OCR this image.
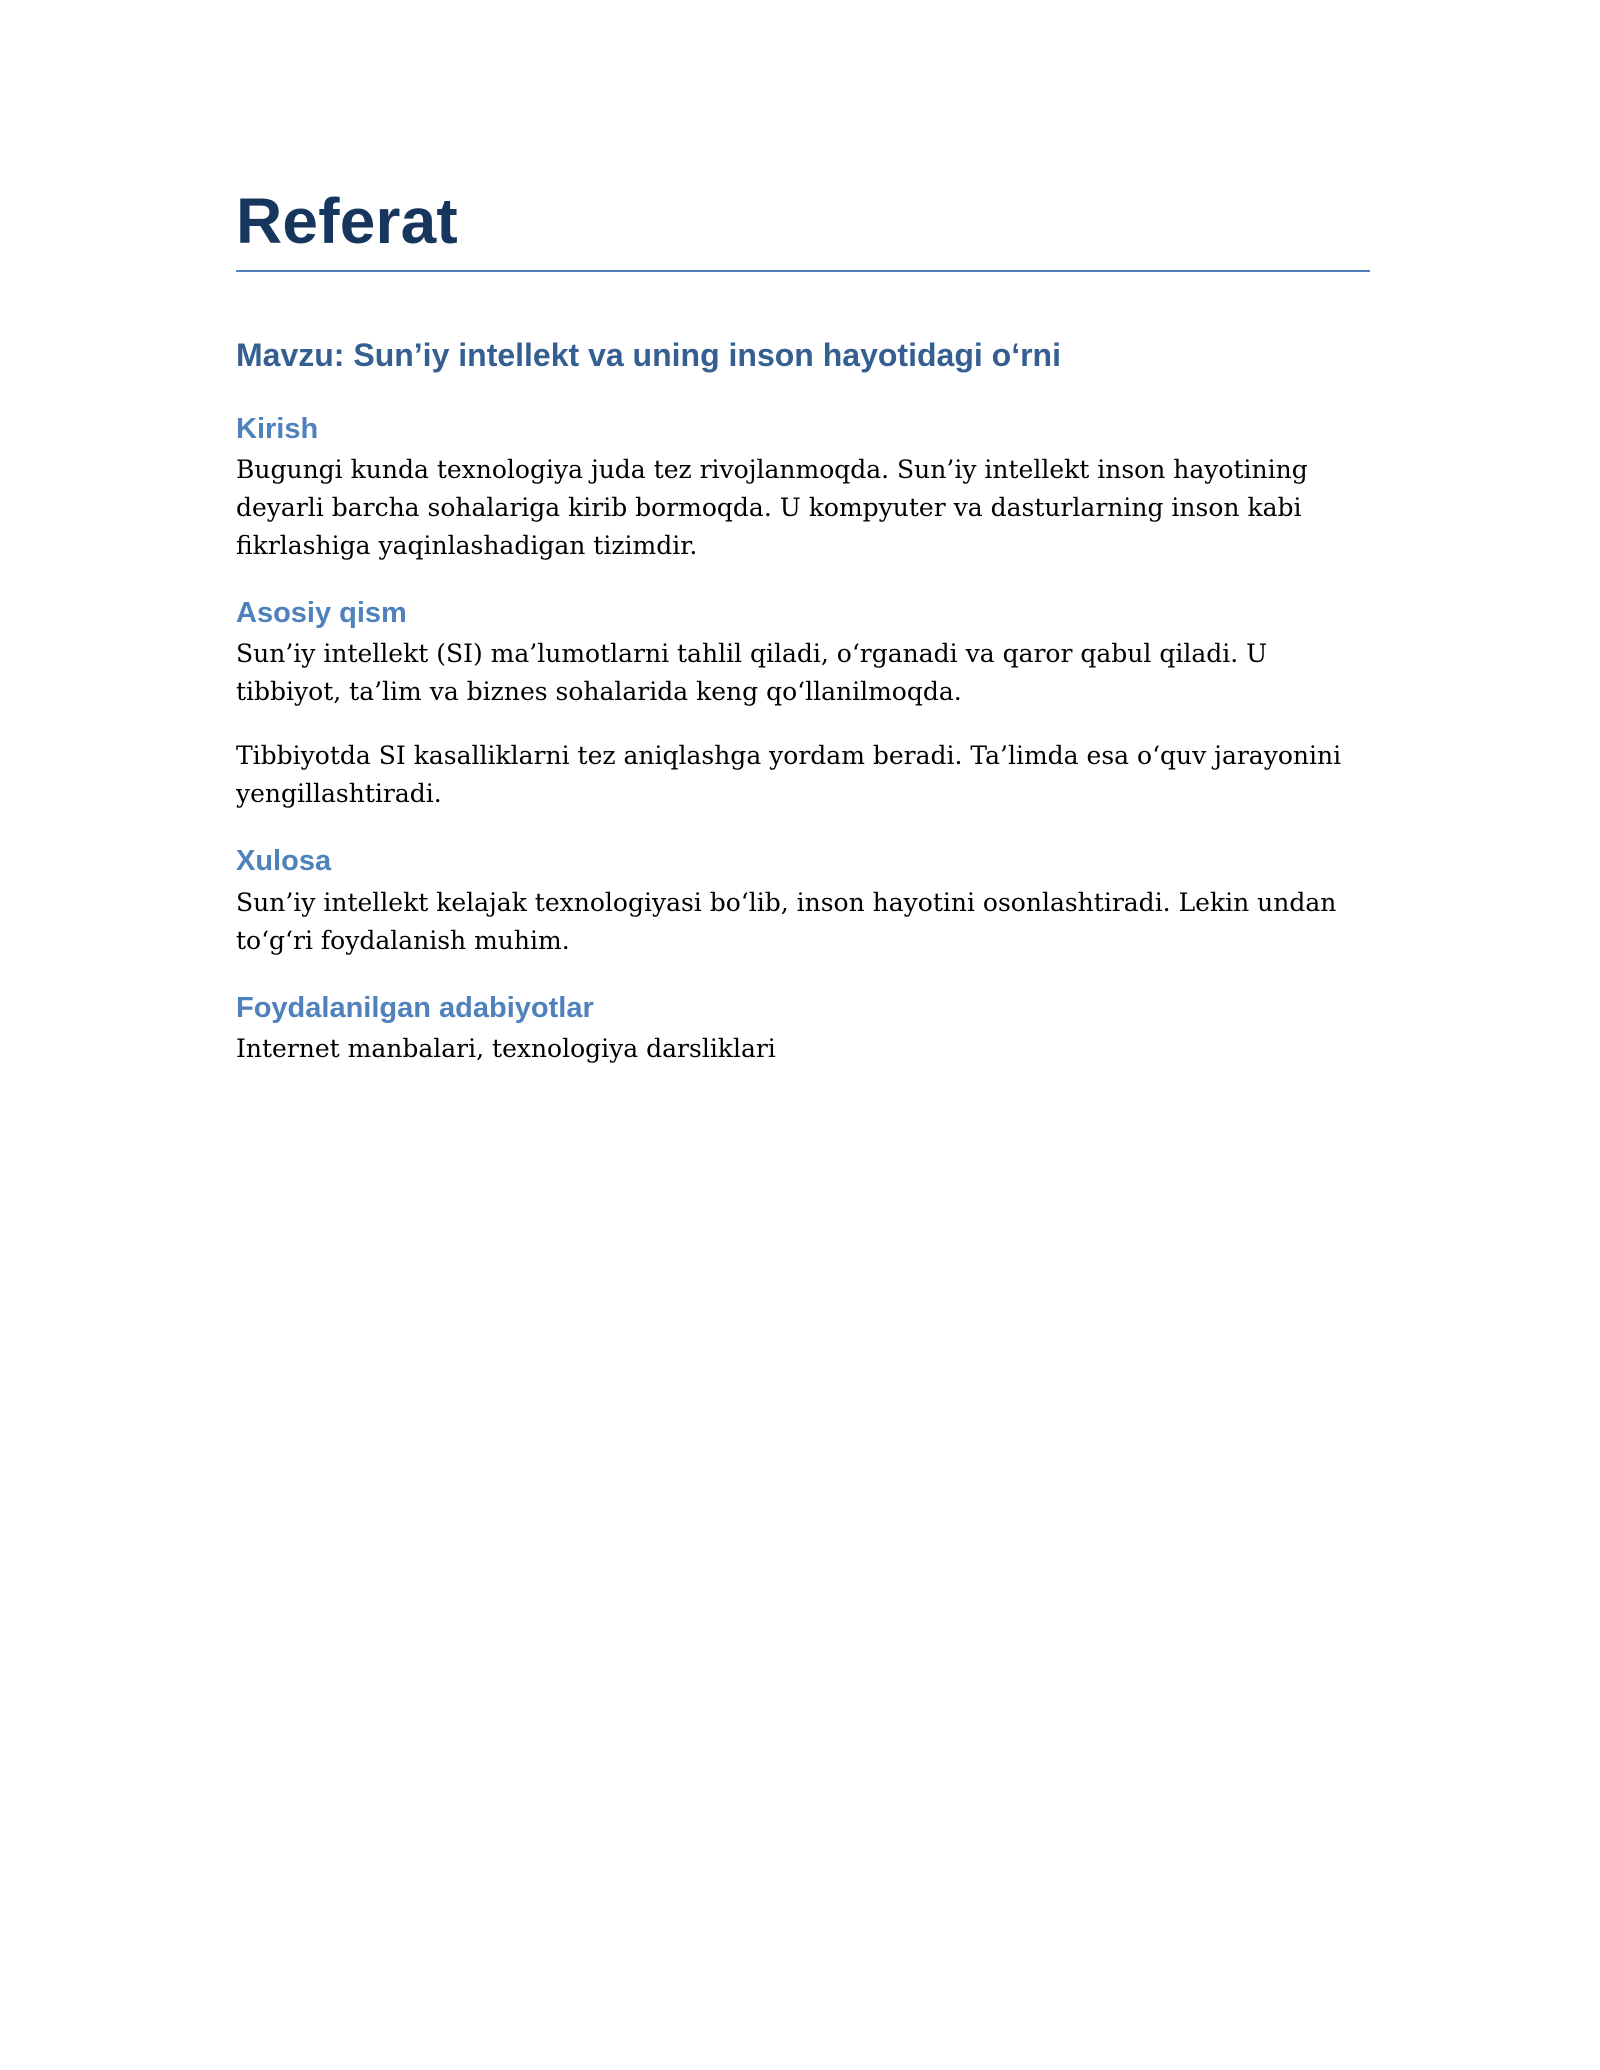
Referat
Mavzu: Sun’iy intellekt va uning inson hayotidagi o‘rni
Kirish

Bugungi kunda texnologiya juda tez rivojlanmoqda. Sun’iy intellekt inson hayotining deyarli barcha sohalariga kirib bormoqda. U kompyuter va dasturlarning inson kabi fikrlashiga yaqinlashadigan tizimdir.

Asosiy qism

Sun’iy intellekt (SI) ma’lumotlarni tahlil qiladi, o‘rganadi va qaror qabul qiladi. U tibbiyot, ta’lim va biznes sohalarida keng qo‘llanilmoqda.

Tibbiyotda SI kasalliklarni tez aniqlashga yordam beradi. Ta’limda esa o‘quv jarayonini yengillashtiradi.

Xulosa

Sun’iy intellekt kelajak texnologiyasi bo‘lib, inson hayotini osonlashtiradi. Lekin undan to‘g‘ri foydalanish muhim.

Foydalanilgan adabiyotlar

Internet manbalari, texnologiya darsliklari
